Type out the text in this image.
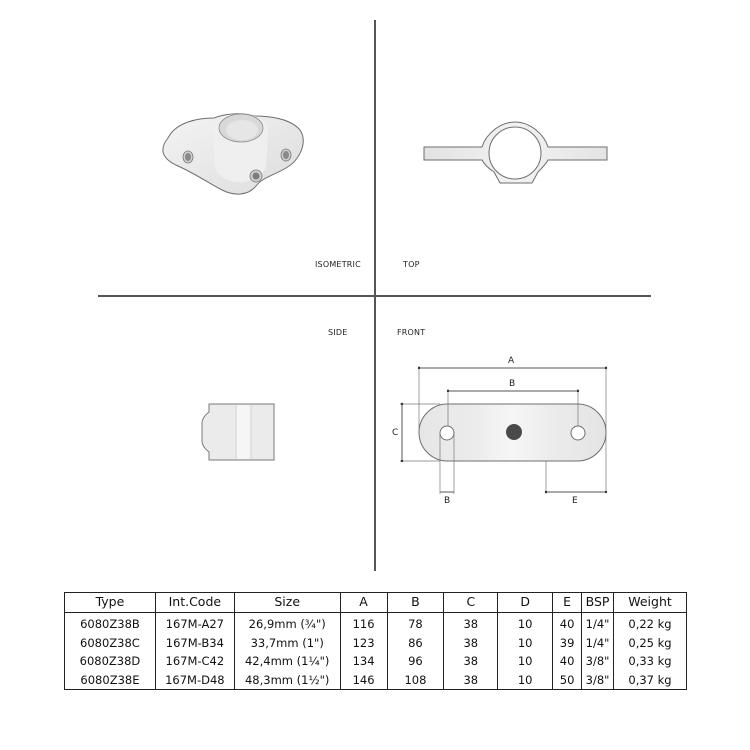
ISOMETRIC	TOP
SIDE	FRONT
A
B
C
B	E
Type	Int.Code	Size	A	B	C	D	E	BSP	Weight
6080Z38B	167M-A27	26,9mm (¾")	116	78	38	10	40	1/4"	0,22 kg
6080Z38C	167M-B34	33,7mm (1")	123	86	38	10	39	1/4"	0,25 kg
6080Z38D	167M-C42	42,4mm (1¼")	134	96	38	10	40	3/8"	0,33 kg
6080Z38E	167M-D48	48,3mm (1½")	146	108	38	10	50	3/8"	0,37 kg
